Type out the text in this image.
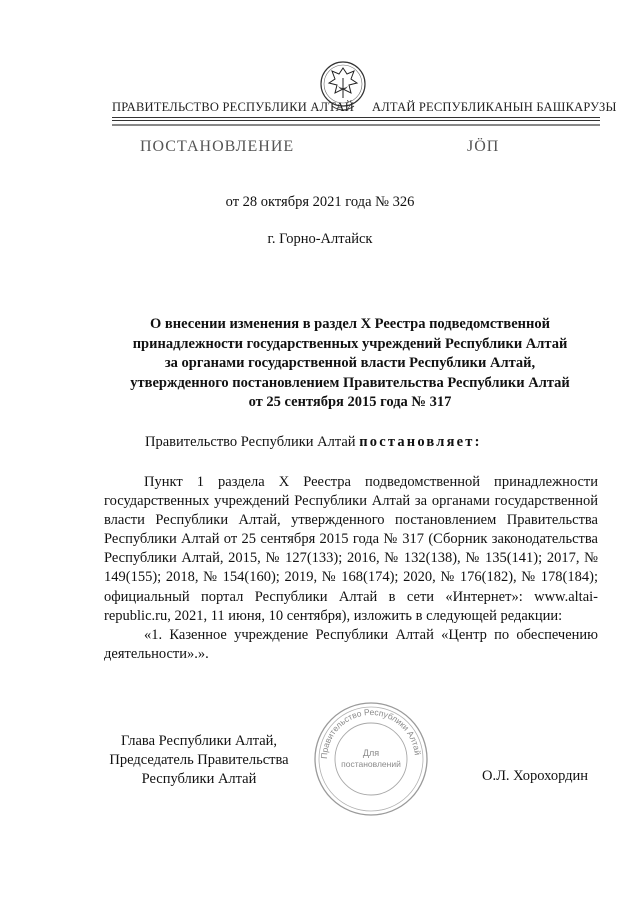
ПРАВИТЕЛЬСТВО РЕСПУБЛИКИ АЛТАЙ АЛТАЙ РЕСПУБЛИКАНЫН БАШКАРУЗЫ
ПОСТАНОВЛЕНИЕ	ЈӦП
от 28 октября 2021 года № 326
г. Горно-Алтайск
О внесении изменения в раздел X Реестра подведомственной
принадлежности государственных учреждений Республики Алтай
за органами государственной власти Республики Алтай,
утвержденного постановлением Правительства Республики Алтай
от 25 сентября 2015 года № 317
Правительство Республики Алтай постановляет:

Пункт 1 раздела X Реестра подведомственной принадлежности государственных учреждений Республики Алтай за органами государственной власти Республики Алтай, утвержденного постановлением Правительства Республики Алтай от 25 сентября 2015 года № 317 (Сборник законодательства Республики Алтай, 2015, № 127(133); 2016, № 132(138), № 135(141); 2017, № 149(155); 2018, № 154(160); 2019, № 168(174); 2020, № 176(182), № 178(184); официальный портал Республики Алтай в сети «Интернет»: www.altai-republic.ru, 2021, 11 июня, 10 сентября), изложить в следующей редакции:

«1. Казенное учреждение Республики Алтай «Центр по обеспечению деятельности».».

Глава Республики Алтай,
Председатель Правительства
Республики Алтай
Правительство Республики Алтай
Для
постановлений
О.Л. Хорохордин
